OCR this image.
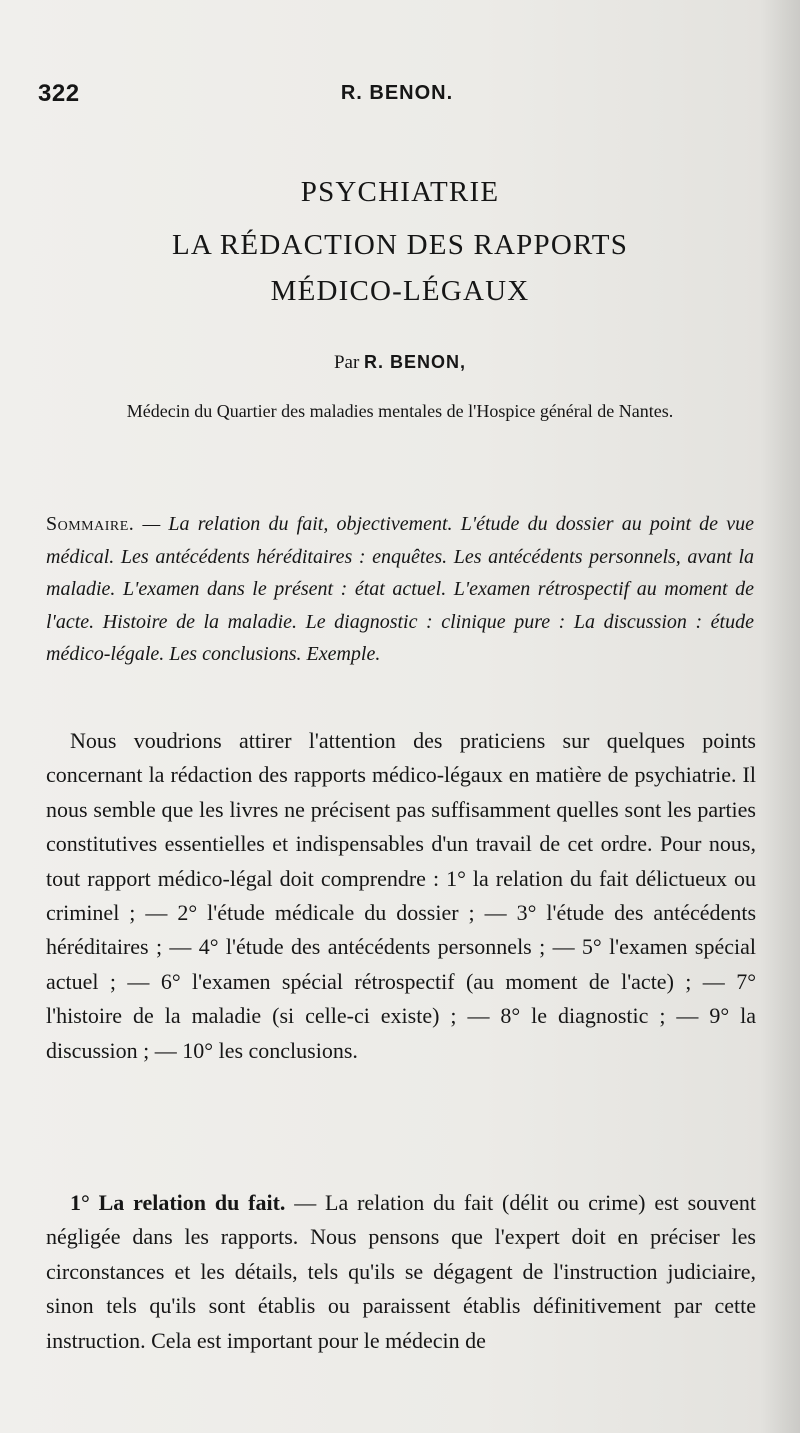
322	R. BENON.
PSYCHIATRIE
LA RÉDACTION DES RAPPORTS
MÉDICO-LÉGAUX
Par R. BENON,
Médecin du Quartier des maladies mentales de l'Hospice général de Nantes.
Sommaire. — La relation du fait, objectivement. L'étude du dossier au point de vue médical. Les antécédents héréditaires : enquêtes. Les antécédents personnels, avant la maladie. L'examen dans le présent : état actuel. L'examen rétrospectif au moment de l'acte. Histoire de la maladie. Le diagnostic : clinique pure : La discussion : étude médico-légale. Les conclusions. Exemple.
Nous voudrions attirer l'attention des praticiens sur quelques points concernant la rédaction des rapports médico-légaux en matière de psychiatrie. Il nous semble que les livres ne précisent pas suffisamment quelles sont les parties constitutives essentielles et indispensables d'un travail de cet ordre. Pour nous, tout rapport médico-légal doit comprendre : 1° la relation du fait délictueux ou criminel ; — 2° l'étude médicale du dossier ; — 3° l'étude des antécédents héréditaires ; — 4° l'étude des antécédents personnels ; — 5° l'examen spécial actuel ; — 6° l'examen spécial rétrospectif (au moment de l'acte) ; — 7° l'histoire de la maladie (si celle-ci existe) ; — 8° le diagnostic ; — 9° la discussion ; — 10° les conclusions.
1° La relation du fait. — La relation du fait (délit ou crime) est souvent négligée dans les rapports. Nous pensons que l'expert doit en préciser les circonstances et les détails, tels qu'ils se dégagent de l'instruction judiciaire, sinon tels qu'ils sont établis ou paraissent établis définitivement par cette instruction. Cela est important pour le médecin de
